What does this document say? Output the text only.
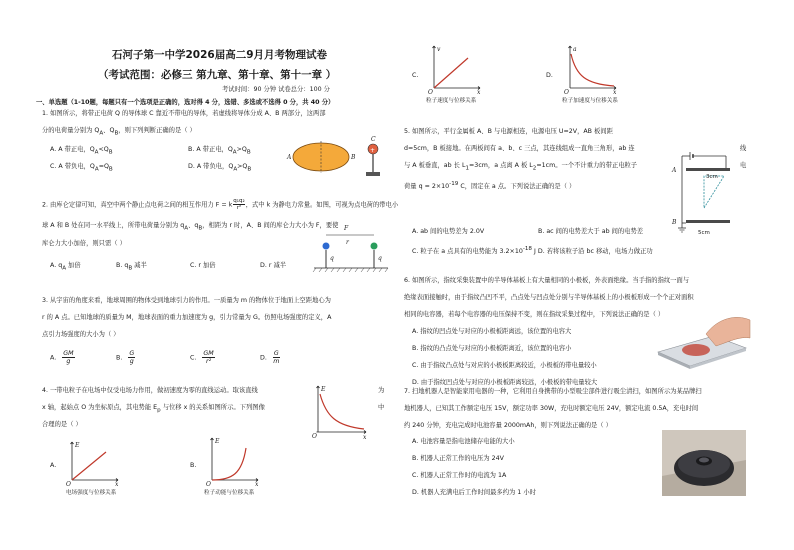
石河子第一中学2026届高二9月月考物理试卷
（考试范围：必修三 第九章、第十章、第十一章 ）
考试时间：90 分钟 试卷总分：100 分
一、单选题（1-10题，每题只有一个选项是正确的，选对得 4 分，选错、多选或不选得 0 分，共 40 分）
1. 如图所示，将带正电荷 Q 的导体球 C 靠近不带电的导体，若虚线将导体分成 A、B 两部分，这两部
分的电荷量分别为 $Q_A$、$Q_B$，则下列判断正确的是（ ）
A. A 带正电，$Q_A<Q_B$	B. A 带正电，$Q_A>Q_B$
C. A 带负电，$Q_A=Q_B$	D. A 带负电，$Q_A>Q_B$
A	B
+
C
2. 由库仑定律可知，真空中两个静止点电荷之间的相互作用力 F = k $\frac{\text{q₁q₂}}{\text{r²}}$ ，式中 k 为静电力常量。如图，可视为点电荷的带电小
球 A 和 B 处在同一水平线上，所带电荷量分别为 $q_A$、$q_B$，相距为 r 时，A、B 间的库仑力大小为 F，要使
库仑力大小加倍，则只需（ ）
A. $q_A$ 加倍	B. $q_B$ 减半	C. r 加倍	D. r 减半
F
r
q	q
3. 从宇宙的角度来看，地球周围的物体受到地球引力的作用。一质量为 m 的物体位于地面上空距地心为
r 的 A 点。已知地球的质量为 M，地球表面的重力加速度为 g，引力常量为 G。仿照电场强度的定义，A
点引力场强度的大小为（ ）
A. $\frac{GM}{g}$	B. $\frac{G}{g}$	C. $\frac{GM}{\text{r²}}$	D. $\frac{G}{m}$
4. 一带电粒子在电场中仅受电场力作用，做初速度为零的直线运动。取该直线	为
x 轴，起始点 O 为坐标原点，其电势能 $E_p$ 与位移 x 的关系如图所示。下列图像	中
合理的是（ ）
E
O	x
A.
E
O	x
电场强度与位移关系
B.
E
O	x
粒子动能与位移关系
C.
v
O	x
粒子速度与位移关系
D.
a
O	x
粒子加速度与位移关系
5. 如图所示，平行金属板 A、B 与电源相连，电源电压 U=2V，AB 板间距
d=5cm，B 板接地。在两板间有 a、b、c 三点，其连线组成一直角三角形，ab 连	线
与 A 板垂直，ab 长 $L_1=3cm$，a 点离 A 板 $L_2=1cm$。一个不计重力的带正电粒子	电
荷量 $q = 2\times 10^{-19}$ C，固定在 a 点。下列说法正确的是（ ）
A. ab 间的电势差为 2.0V	B. ac 间的电势差大于 ab 间的电势差
C. 粒子在 a 点具有的电势能为 $3.2\times 10^{-18}$ J D. 若将该粒子沿 bc 移动，电场力做正功
3cm
5cm
A
B
6. 如图所示，指纹采集装置中的半导体基板上有大量相同的小极板，外表面绝缘。当手指的指纹一面与
绝缘表面接触时，由于指纹凸凹不平，凸点处与凹点处分别与半导体基板上的小极板形成一个个正对面积
相同的电容器，若每个电容器的电压保持不变，则在指纹采集过程中，下列说法正确的是（ ）
A. 指纹的凹点处与对应的小极板距离远，该位置的电容大
B. 指纹的凸点处与对应的小极板距离近，该位置的电容小
C. 由于指纹凸点处与对应的小极板距离较近，小极板的带电量较小
D. 由于指纹凹点处与对应的小极板距离较远，小极板的带电量较大
7. 扫地机器人是智能家用电器的一种，它利用自身携带的小型吸尘部件进行吸尘清扫，如图所示为某品牌扫
地机器人，已知其工作额定电压 15V，额定功率 30W，充电时额定电压 24V，额定电流 0.5A，充电时间
约 240 分钟，充电完成时电池容量 2000mAh，则下列说法正确的是（ ）
A. 电池容量是指电池储存电能的大小
B. 机器人正常工作的电压为 24V
C. 机器人正常工作时的电流为 1A
D. 机器人充满电后工作时间最多约为 1 小时
